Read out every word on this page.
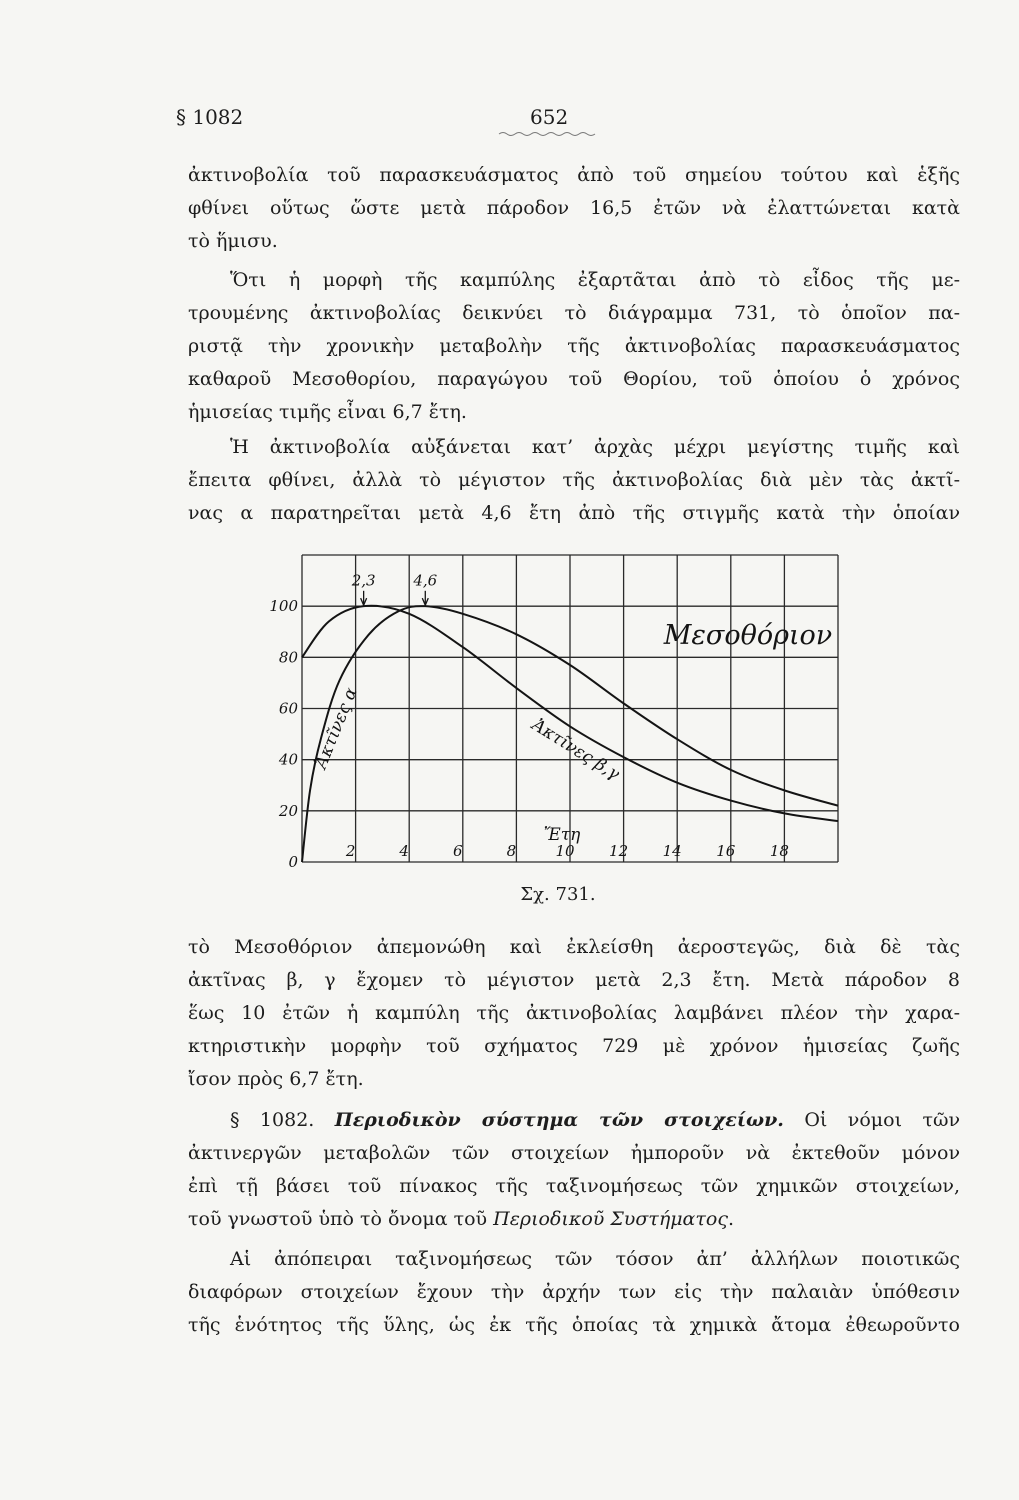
§ 1082	652
ἀκτινοβολία τοῦ παρασκευάσματος ἀπὸ τοῦ σημείου τούτου καὶ ἑξῆς
φθίνει οὕτως ὥστε μετὰ πάροδον 16,5 ἐτῶν νὰ ἐλαττώνεται κατὰ
τὸ ἥμισυ.
Ὅτι ἡ μορφὴ τῆς καμπύλης ἐξαρτᾶται ἀπὸ τὸ εἶδος τῆς με-
τρουμένης ἀκτινοβολίας δεικνύει τὸ διάγραμμα 731, τὸ ὁποῖον πα-
ριστᾷ τὴν χρονικὴν μεταβολὴν τῆς ἀκτινοβολίας παρασκευάσματος
καθαροῦ Μεσοθορίου, παραγώγου τοῦ Θορίου, τοῦ ὁποίου ὁ χρόνος
ἡμισείας τιμῆς εἶναι 6,7 ἔτη.
Ἡ ἀκτινοβολία αὐξάνεται κατ’ ἀρχὰς μέχρι μεγίστης τιμῆς καὶ
ἔπειτα φθίνει, ἀλλὰ τὸ μέγιστον τῆς ἀκτινοβολίας διὰ μὲν τὰς ἀκτῖ-
νας α παρατηρεῖται μετὰ 4,6 ἔτη ἀπὸ τῆς στιγμῆς κατὰ τὴν ὁποίαν
2	4	6	8	10 12 14 16 18
0
20
40
60
80
100
4,6
2,3
Μεσοθόριον
Ἀκτῖνες α	Ἀκτῖνες β,γ
Ἔτη
Σχ. 731.
τὸ Μεσοθόριον ἀπεμονώθη καὶ ἐκλείσθη ἀεροστεγῶς, διὰ δὲ τὰς
ἀκτῖνας β, γ ἔχομεν τὸ μέγιστον μετὰ 2,3 ἔτη. Μετὰ πάροδον 8
ἕως 10 ἐτῶν ἡ καμπύλη τῆς ἀκτινοβολίας λαμβάνει πλέον τὴν χαρα-
κτηριστικὴν μορφὴν τοῦ σχήματος 729 μὲ χρόνον ἡμισείας ζωῆς
ἴσον πρὸς 6,7 ἔτη.
§ 1082. Περιοδικὸν σύστημα τῶν στοιχείων. Οἱ νόμοι τῶν
ἀκτινεργῶν μεταβολῶν τῶν στοιχείων ἠμποροῦν νὰ ἐκτεθοῦν μόνον
ἐπὶ τῇ βάσει τοῦ πίνακος τῆς ταξινομήσεως τῶν χημικῶν στοιχείων,
τοῦ γνωστοῦ ὑπὸ τὸ ὄνομα τοῦ Περιοδικοῦ Συστήματος.
Αἱ ἀπόπειραι ταξινομήσεως τῶν τόσον ἀπ’ ἀλλήλων ποιοτικῶς
διαφόρων στοιχείων ἔχουν τὴν ἀρχήν των εἰς τὴν παλαιὰν ὑπόθεσιν
τῆς ἑνότητος τῆς ὕλης, ὡς ἐκ τῆς ὁποίας τὰ χημικὰ ἄτομα ἐθεωροῦντο
